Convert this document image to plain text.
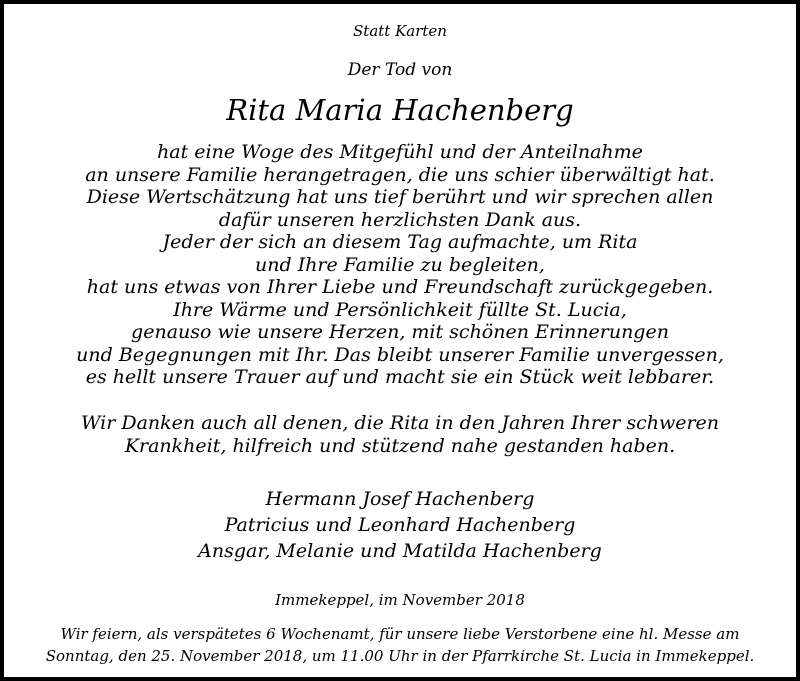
Statt Karten
Der Tod von
Rita Maria Hachenberg
hat eine Woge des Mitgefühl und der Anteilnahme
an unsere Familie herangetragen, die uns schier überwältigt hat.
Diese Wertschätzung hat uns tief berührt und wir sprechen allen
dafür unseren herzlichsten Dank aus.
Jeder der sich an diesem Tag aufmachte, um Rita
und Ihre Familie zu begleiten,
hat uns etwas von Ihrer Liebe und Freundschaft zurückgegeben.
Ihre Wärme und Persönlichkeit füllte St. Lucia,
genauso wie unsere Herzen, mit schönen Erinnerungen
und Begegnungen mit Ihr. Das bleibt unserer Familie unvergessen,
es hellt unsere Trauer auf und macht sie ein Stück weit lebbarer.
Wir Danken auch all denen, die Rita in den Jahren Ihrer schweren
Krankheit, hilfreich und stützend nahe gestanden haben.
Hermann Josef Hachenberg
Patricius und Leonhard Hachenberg
Ansgar, Melanie und Matilda Hachenberg
Immekeppel, im November 2018
Wir feiern, als verspätetes 6 Wochenamt, für unsere liebe Verstorbene eine hl. Messe am
Sonntag, den 25. November 2018, um 11.00 Uhr in der Pfarrkirche St. Lucia in Immekeppel.
